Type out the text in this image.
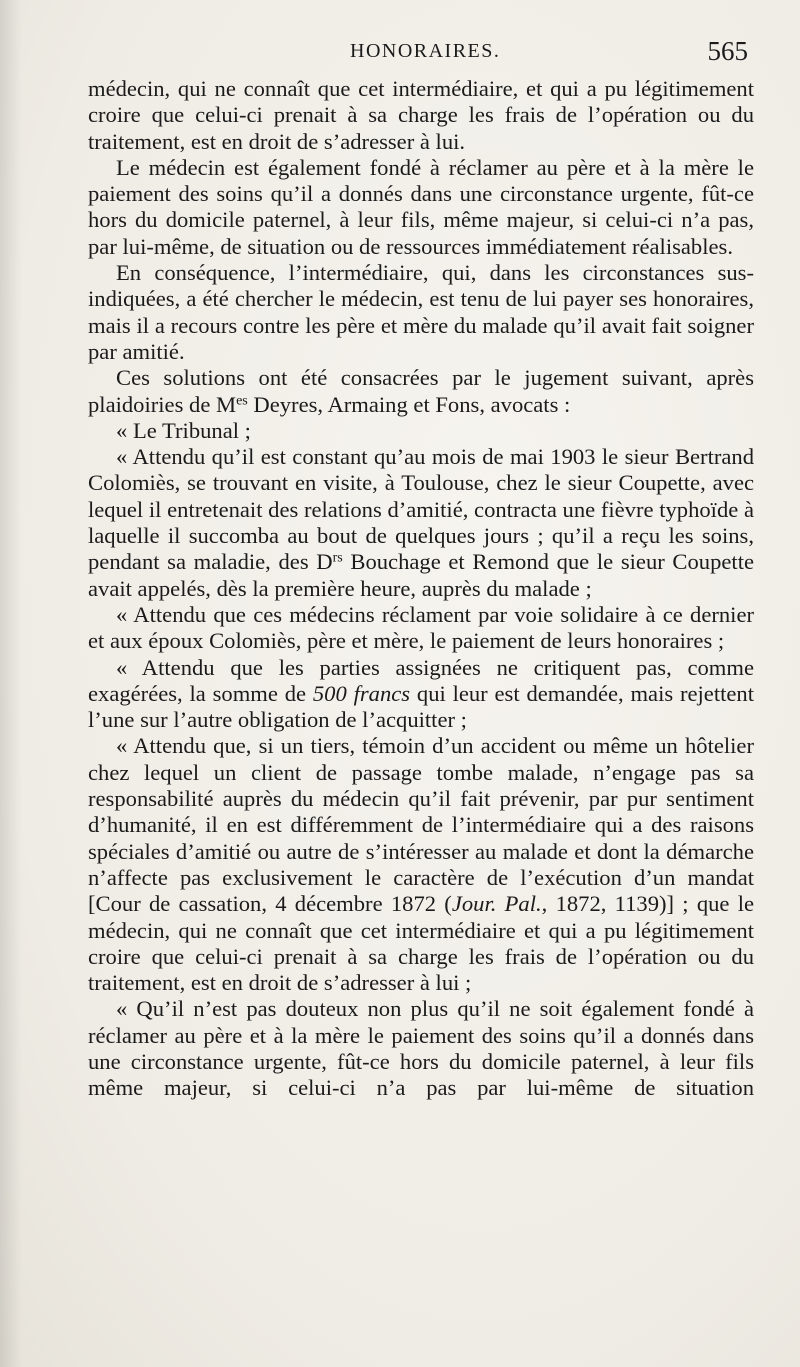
HONORAIRES.	565

médecin, qui ne connaît que cet intermédiaire, et qui a pu légitimement croire que celui-ci prenait à sa charge les frais de l’opération ou du traitement, est en droit de s’adresser à lui.

Le médecin est également fondé à réclamer au père et à la mère le paiement des soins qu’il a donnés dans une circonstance urgente, fût-ce hors du domicile paternel, à leur fils, même majeur, si celui-ci n’a pas, par lui-même, de situation ou de ressources immédiatement réalisables.

En conséquence, l’intermédiaire, qui, dans les circonstances sus-indiquées, a été chercher le médecin, est tenu de lui payer ses honoraires, mais il a recours contre les père et mère du malade qu’il avait fait soigner par amitié.

Ces solutions ont été consacrées par le jugement suivant, après plaidoiries de $M^{es}$ Deyres, Armaing et Fons, avocats :

« Le Tribunal ;

« Attendu qu’il est constant qu’au mois de mai 1903 le sieur Bertrand Colomiès, se trouvant en visite, à Toulouse, chez le sieur Coupette, avec lequel il entretenait des relations d’amitié, contracta une fièvre typhoïde à laquelle il succomba au bout de quelques jours ; qu’il a reçu les soins, pendant sa maladie, des $D^{rs}$ Bouchage et Remond que le sieur Coupette avait appelés, dès la première heure, auprès du malade ;

« Attendu que ces médecins réclament par voie solidaire à ce dernier et aux époux Colomiès, père et mère, le paiement de leurs honoraires ;

« Attendu que les parties assignées ne critiquent pas, comme exagérées, la somme de 500 francs qui leur est demandée, mais rejettent l’une sur l’autre obligation de l’acquitter ;

« Attendu que, si un tiers, témoin d’un accident ou même un hôtelier chez lequel un client de passage tombe malade, n’engage pas sa responsabilité auprès du médecin qu’il fait prévenir, par pur sentiment d’humanité, il en est différemment de l’intermédiaire qui a des raisons spéciales d’amitié ou autre de s’intéresser au malade et dont la démarche n’affecte pas exclusivement le caractère de l’exécution d’un mandat [Cour de cassation, 4 décembre 1872 (Jour. Pal., 1872, 1139)] ; que le médecin, qui ne connaît que cet intermédiaire et qui a pu légitimement croire que celui-ci prenait à sa charge les frais de l’opération ou du traitement, est en droit de s’adresser à lui ;

« Qu’il n’est pas douteux non plus qu’il ne soit également fondé à réclamer au père et à la mère le paiement des soins qu’il a donnés dans une circonstance urgente, fût-ce hors du domicile paternel, à leur fils même majeur, si celui-ci n’a pas par lui-même de situation
